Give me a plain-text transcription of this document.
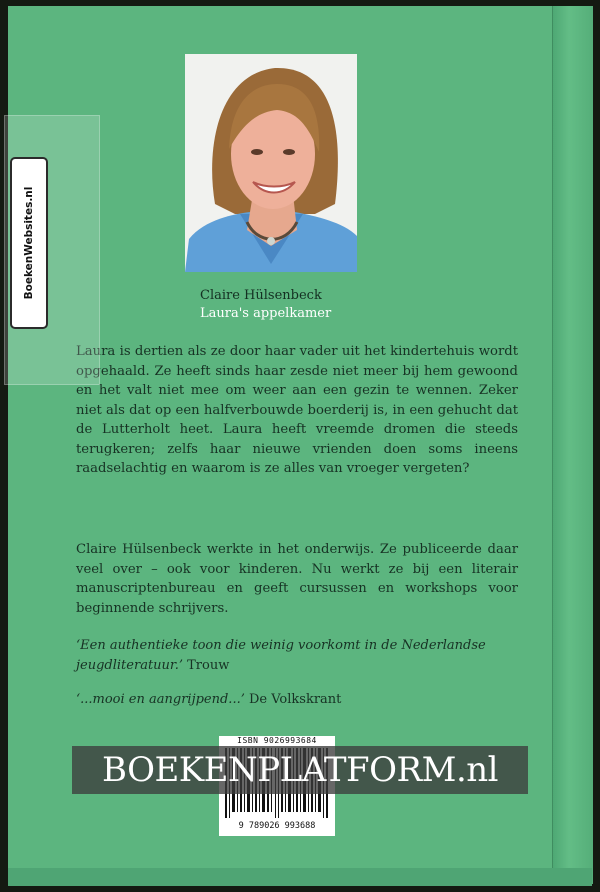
Claire Hülsenbeck
Laura's appelkamer
Laura is dertien als ze door haar vader uit het kindertehuis wordt opgehaald. Ze heeft sinds haar zesde niet meer bij hem gewoond en het valt niet mee om weer aan een gezin te wennen. Zeker niet als dat op een halfverbouwde boerderij is, in een gehucht dat de Lutterholt heet. Laura heeft vreemde dromen die steeds terugkeren; zelfs haar nieuwe vrienden doen soms ineens raadselachtig en waarom is ze alles van vroeger vergeten?
Claire Hülsenbeck werkte in het onderwijs. Ze publiceerde daar veel over – ook voor kinderen. Nu werkt ze bij een literair manuscriptenbureau en geeft cursussen en workshops voor beginnende schrijvers.
‘Een authentieke toon die weinig voorkomt in de Nederlandse jeugdliteratuur.’ Trouw
‘...mooi en aangrijpend...’ De Volkskrant
BoekenWebsites.nl
ISBN 9026993684
9 789026 993688
BOEKENPLATFORM.nl
